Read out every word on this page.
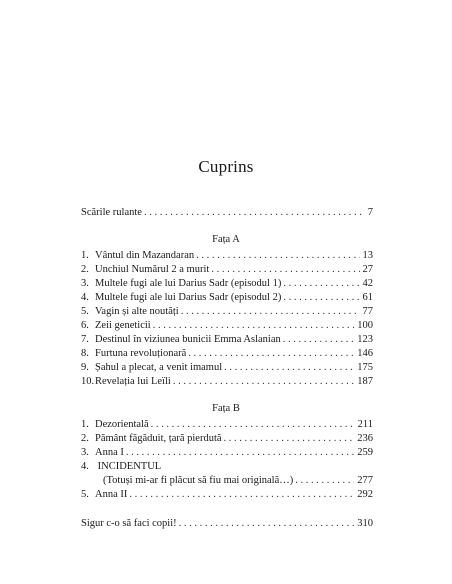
Cuprins
Scările rulante . . .	7
Fața A
1. Vântul din Mazandaran . . .	13
2. Unchiul Numărul 2 a murit . . .	27
3. Multele fugi ale lui Darius Sadr (episodul 1) . . .	42
4. Multele fugi ale lui Darius Sadr (episodul 2) . . .	61
5. Vagin și alte noutăți . . .	77
6. Zeii geneticii . . .	100
7. Destinul în viziunea bunicii Emma Aslanian . . .	123
8. Furtuna revoluționară . . .	146
9. Șahul a plecat, a venit imamul . . .	175
10. Revelația lui Leïli . . .	187
Fața B
1. Dezorientală . . .	211
2. Pământ făgăduit, țară pierdută . . .	236
3. Anna I . . .	259
4. INCIDENTUL
(Totuși mi-ar fi plăcut să fiu mai originală…) . . .	277
5. Anna II . . .	292
Sigur c-o să faci copii! . . .	310
